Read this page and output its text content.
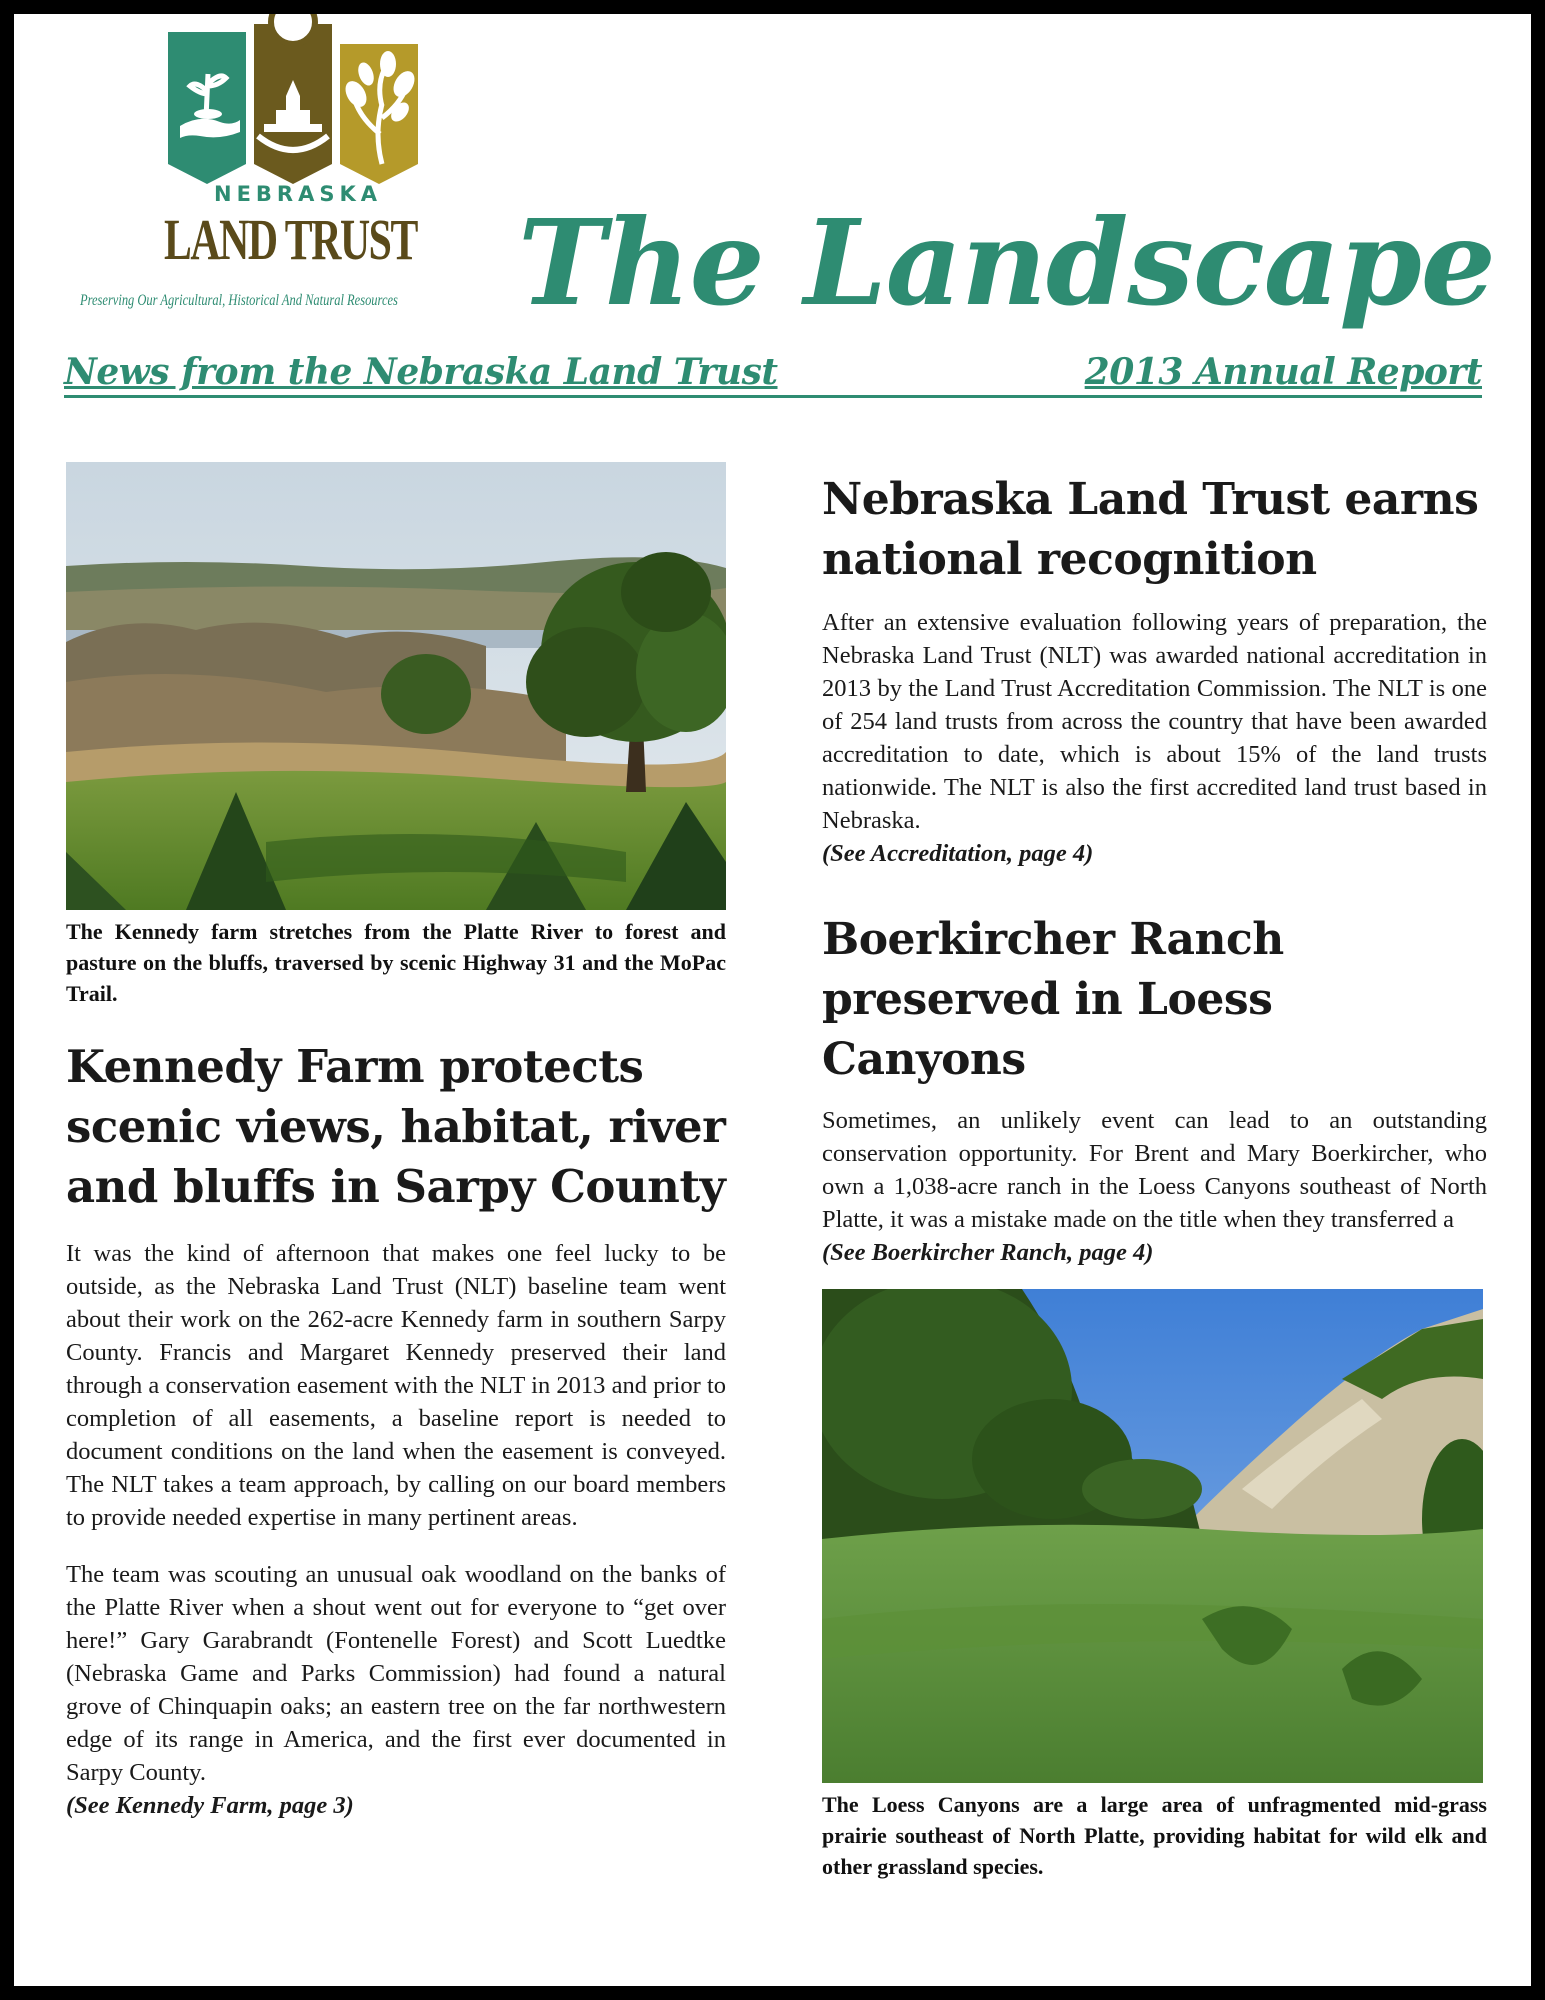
NEBRASKA
LAND TRUST
Preserving Our Agricultural, Historical And Natural Resources The Landscape
News from the Nebraska Land Trust	2013 Annual Report

The Kennedy farm stretches from the Platte River to forest and pasture on the bluffs, traversed by scenic Highway 31 and the MoPac Trail.

Kennedy Farm protects scenic views, habitat, river and bluffs in Sarpy County

It was the kind of afternoon that makes one feel lucky to be outside, as the Nebraska Land Trust (NLT) baseline team went about their work on the 262-acre Kennedy farm in southern Sarpy County. Francis and Margaret Kennedy preserved their land through a conservation easement with the NLT in 2013 and prior to completion of all easements, a baseline report is needed to document conditions on the land when the easement is conveyed. The NLT takes a team approach, by calling on our board members to provide needed expertise in many pertinent areas.

The team was scouting an unusual oak woodland on the banks of the Platte River when a shout went out for everyone to “get over here!” Gary Garabrandt (Fontenelle Forest) and Scott Luedtke (Nebraska Game and Parks Commission) had found a natural grove of Chinquapin oaks; an eastern tree on the far northwestern edge of its range in America, and the first ever documented in Sarpy County.

(See Kennedy Farm, page 3)

Nebraska Land Trust earns national recognition

After an extensive evaluation following years of preparation, the Nebraska Land Trust (NLT) was awarded national accreditation in 2013 by the Land Trust Accreditation Commission. The NLT is one of 254 land trusts from across the country that have been awarded accreditation to date, which is about 15% of the land trusts nationwide. The NLT is also the first accredited land trust based in Nebraska.

(See Accreditation, page 4)

Boerkircher Ranch preserved in Loess Canyons

Sometimes, an unlikely event can lead to an outstanding conservation opportunity. For Brent and Mary Boerkircher, who own a 1,038-acre ranch in the Loess Canyons southeast of North Platte, it was a mistake made on the title when they transferred a

(See Boerkircher Ranch, page 4)

The Loess Canyons are a large area of unfragmented mid-grass prairie southeast of North Platte, providing habitat for wild elk and other grassland species.
